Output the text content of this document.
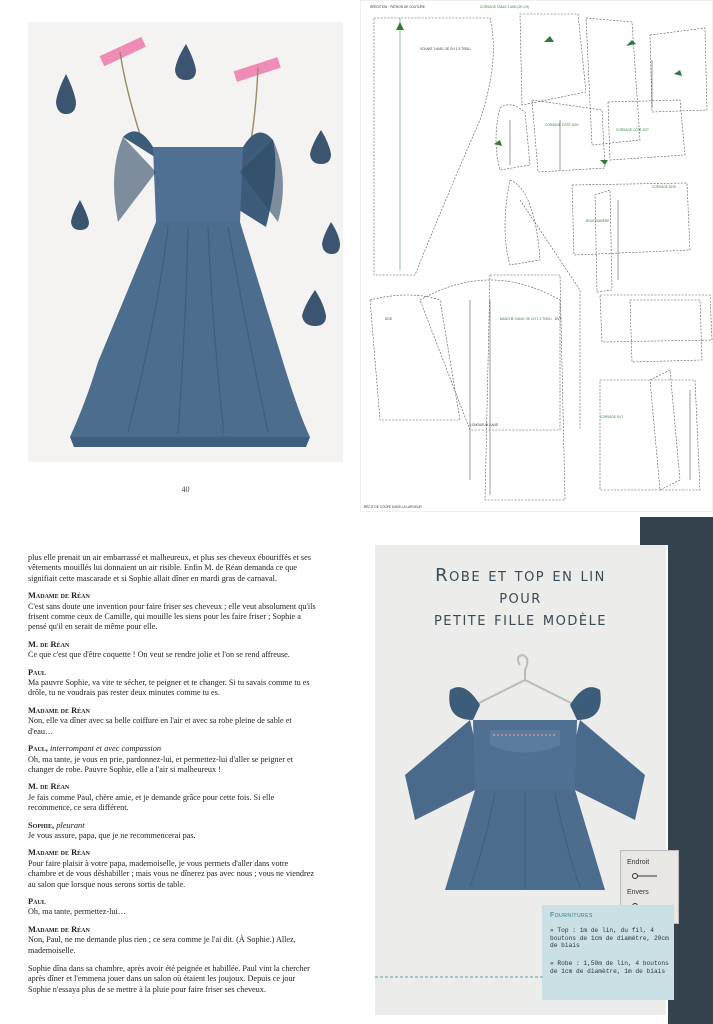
40
RÉÉDITION · PATRON DE COUTURE
VOLANT 3 ANS / 2E CH 1 X TISSU
CORSAGE CÔTÉ DOS
CORSAGE CÔTÉ DVT
CORSAGE DOS
BOUTONNIÈRE
MANCHE 3 ANS / 2E CH 2 X TISSU
DOS	DVT
LONGUEUR 3 ANS
CORSAGE DVT
CORSAGE TABLE 3 ANS (2E CH)
RÉCIT DE COUPE DANS LA LARGEUR

plus elle prenait un air embarrassé et malheureux, et plus ses cheveux ébouriffés et ses vêtements mouillés lui donnaient un air risible. Enfin M. de Réan demanda ce que signifiait cette mascarade et si Sophie allait dîner en mardi gras de carnaval.

Madame de Réan

C'est sans doute une invention pour faire friser ses cheveux ; elle veut absolument qu'ils frisent comme ceux de Camille, qui mouille les siens pour les faire friser ; Sophie a pensé qu'il en serait de même pour elle.

M. de Réan

Ce que c'est que d'être coquette ! On veut se rendre jolie et l'on se rend affreuse.

Paul

Ma pauvre Sophie, va vite te sécher, te peigner et te changer. Si tu savais comme tu es drôle, tu ne voudrais pas rester deux minutes comme tu es.

Madame de Réan

Non, elle va dîner avec sa belle coiffure en l'air et avec sa robe pleine de sable et d'eau…

Paul, interrompant et avec compassion

Oh, ma tante, je vous en prie, pardonnez-lui, et permettez-lui d'aller se peigner et changer de robe. Pauvre Sophie, elle a l'air si malheureux !

M. de Réan

Je fais comme Paul, chère amie, et je demande grâce pour cette fois. Si elle recommence, ce sera différent.

Sophie, pleurant

Je vous assure, papa, que je ne recommencerai pas.

Madame de Réan

Pour faire plaisir à votre papa, mademoiselle, je vous permets d'aller dans votre chambre et de vous déshabiller ; mais vous ne dînerez pas avec nous ; vous ne viendrez au salon que lorsque nous serons sortis de table.

Paul

Oh, ma tante, permettez-lui…

Madame de Réan

Non, Paul, ne me demande plus rien ; ce sera comme je l'ai dit. (À Sophie.) Allez, mademoiselle.

Sophie dîna dans sa chambre, après avoir été peignée et habillée. Paul vint la chercher après dîner et l'emmena jouer dans un salon où étaient les joujoux. Depuis ce jour Sophie n'essaya plus de se mettre à la pluie pour faire friser ses cheveux.

Robe et top en lin
pour
petite fille modèle
Endroit
Envers
Fournitures
» Top : 1m de lin, du fil, 4 boutons de 1cm de diamètre, 20cm de biais
» Robe : 1,50m de lin, 4 boutons de 1cm de diamètre, 1m de biais
